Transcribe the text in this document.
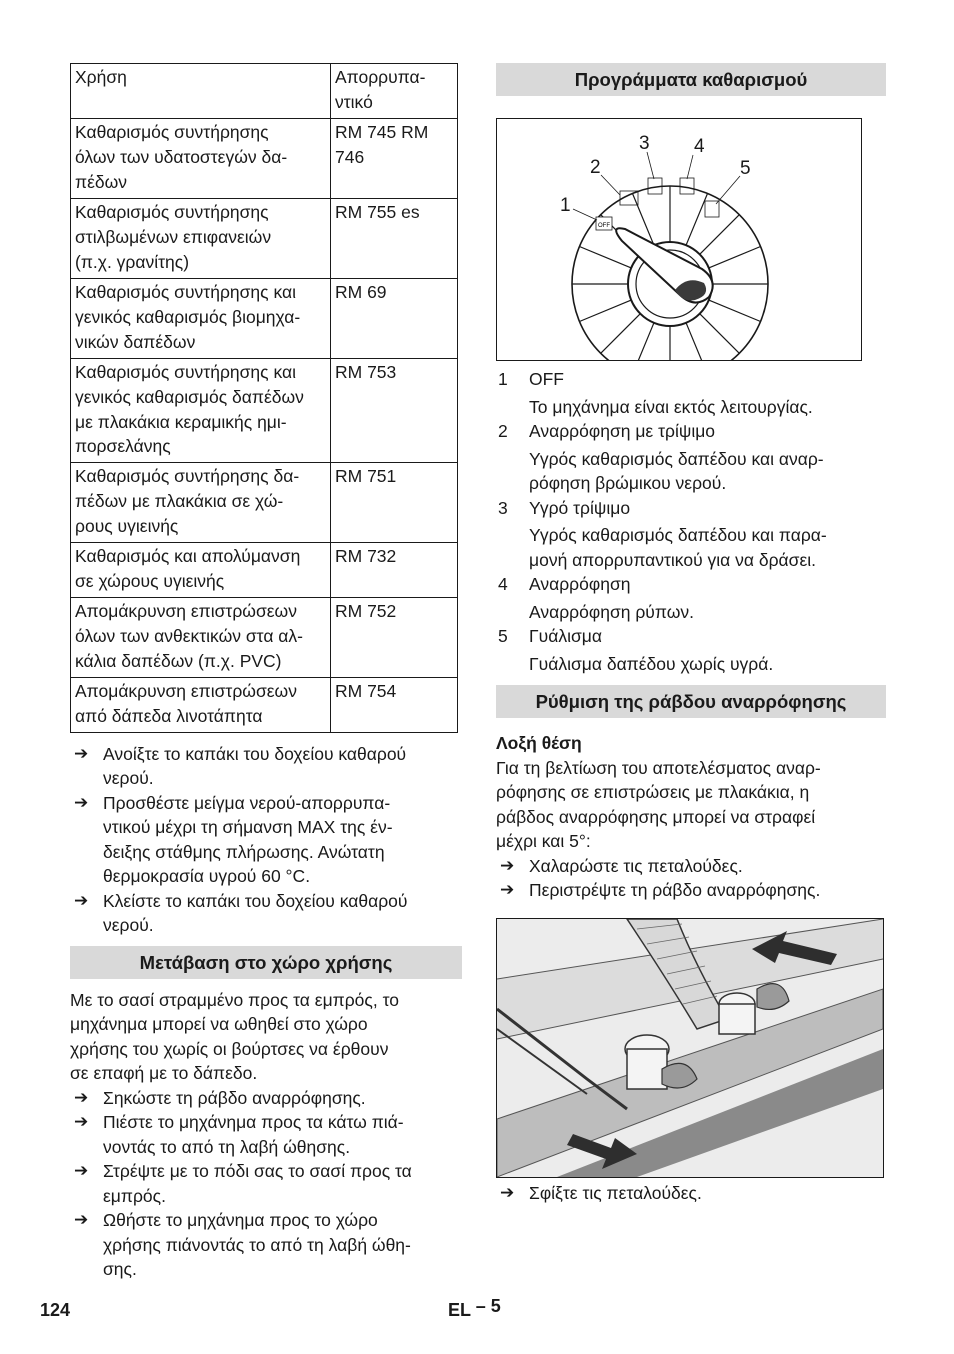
Χρήση	Απορρυπα-
ντικό
Καθαρισμός συντήρησης
όλων των υδατοστεγών δα-
πέδων	RM 745 RM
746
Καθαρισμός συντήρησης
στιλβωμένων επιφανειών
(π.χ. γρανίτης)	RM 755 es
Καθαρισμός συντήρησης και
γενικός καθαρισμός βιομηχα-
νικών δαπέδων	RM 69
Καθαρισμός συντήρησης και
γενικός καθαρισμός δαπέδων
με πλακάκια κεραμικής ημι-
πορσελάνης	RM 753
Καθαρισμός συντήρησης δα-
πέδων με πλακάκια σε χώ-
ρους υγιεινής	RM 751
Καθαρισμός και απολύμανση
σε χώρους υγιεινής	RM 732
Απομάκρυνση επιστρώσεων
όλων των ανθεκτικών στα αλ-
κάλια δαπέδων (π.χ. PVC)	RM 752
Απομάκρυνση επιστρώσεων
από δάπεδα λινοτάπητα	RM 754
➔ Ανοίξτε το καπάκι του δοχείου καθαρού
νερού.
➔ Προσθέστε μείγμα νερού-απορρυπα-
ντικού μέχρι τη σήμανση MAX της έν-
δειξης στάθμης πλήρωσης. Ανώτατη
θερμοκρασία υγρού 60 °C.
➔ Κλείστε το καπάκι του δοχείου καθαρού
νερού.
Μετάβαση στο χώρο χρήσης

Με το σασί στραμμένο προς τα εμπρός, το
μηχάνημα μπορεί να ωθηθεί στο χώρο
χρήσης του χωρίς οι βούρτσες να έρθουν
σε επαφή με το δάπεδο.

➔ Σηκώστε τη ράβδο αναρρόφησης.
➔ Πιέστε το μηχάνημα προς τα κάτω πιά-
νοντάς το από τη λαβή ώθησης.
➔ Στρέψτε με το πόδι σας το σασί προς τα
εμπρός.
➔ Ωθήστε το μηχάνημα προς το χώρο
χρήσης πιάνοντάς το από τη λαβή ώθη-
σης.
Προγράμματα καθαρισμού
OFF
1
2
3 4
5
1 OFF
Το μηχάνημα είναι εκτός λειτουργίας.
2 Αναρρόφηση με τρίψιμο
Υγρός καθαρισμός δαπέδου και αναρ-
ρόφηση βρώμικου νερού.
3 Υγρό τρίψιμο
Υγρός καθαρισμός δαπέδου και παρα-
μονή απορρυπαντικού για να δράσει.
4 Αναρρόφηση
Αναρρόφηση ρύπων.
5 Γυάλισμα
Γυάλισμα δαπέδου χωρίς υγρά.
Ρύθμιση της ράβδου αναρρόφησης
Λοξή θέση

Για τη βελτίωση του αποτελέσματος αναρ-
ρόφησης σε επιστρώσεις με πλακάκια, η
ράβδος αναρρόφησης μπορεί να στραφεί
μέχρι και 5°:

➔ Χαλαρώστε τις πεταλούδες.
➔ Περιστρέψτε τη ράβδο αναρρόφησης.
➔ Σφίξτε τις πεταλούδες.
124	EL – 5
